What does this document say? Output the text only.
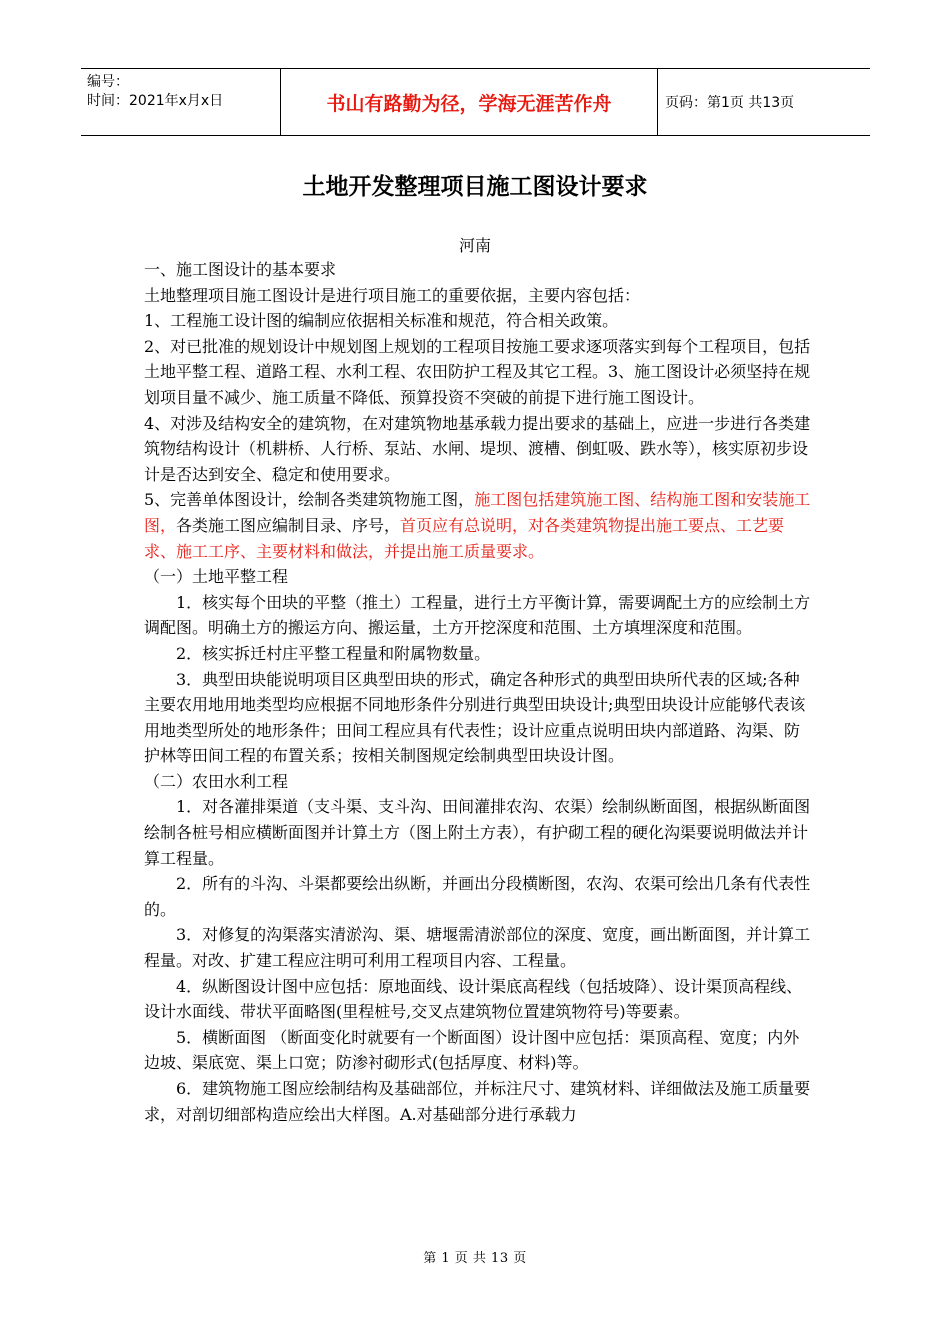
编号：
时间：2021年x月x日	书山有路勤为径，学海无涯苦作舟	页码：第1页 共13页
土地开发整理项目施工图设计要求
河南

一、施工图设计的基本要求

土地整理项目施工图设计是进行项目施工的重要依据，主要内容包括：

1、工程施工设计图的编制应依据相关标准和规范，符合相关政策。

2、对已批准的规划设计中规划图上规划的工程项目按施工要求逐项落实到每个工程项目，包括土地平整工程、道路工程、水利工程、农田防护工程及其它工程。3、施工图设计必须坚持在规划项目量不减少、施工质量不降低、预算投资不突破的前提下进行施工图设计。

4、对涉及结构安全的建筑物，在对建筑物地基承载力提出要求的基础上，应进一步进行各类建筑物结构设计（机耕桥、人行桥、泵站、水闸、堤坝、渡槽、倒虹吸、跌水等），核实原初步设计是否达到安全、稳定和使用要求。

5、完善单体图设计，绘制各类建筑物施工图，施工图包括建筑施工图、结构施工图和安装施工图，各类施工图应编制目录、序号，首页应有总说明，对各类建筑物提出施工要点、工艺要求、施工工序、主要材料和做法，并提出施工质量要求。

（一）土地平整工程

1．核实每个田块的平整（推土）工程量，进行土方平衡计算，需要调配土方的应绘制土方调配图。明确土方的搬运方向、搬运量，土方开挖深度和范围、土方填埋深度和范围。

2．核实拆迁村庄平整工程量和附属物数量。

3．典型田块能说明项目区典型田块的形式，确定各种形式的典型田块所代表的区域;各种主要农用地用地类型均应根据不同地形条件分别进行典型田块设计;典型田块设计应能够代表该用地类型所处的地形条件；田间工程应具有代表性；设计应重点说明田块内部道路、沟渠、防护林等田间工程的布置关系；按相关制图规定绘制典型田块设计图。

（二）农田水利工程

1．对各灌排渠道（支斗渠、支斗沟、田间灌排农沟、农渠）绘制纵断面图，根据纵断面图绘制各桩号相应横断面图并计算土方（图上附土方表），有护砌工程的硬化沟渠要说明做法并计算工程量。

2．所有的斗沟、斗渠都要绘出纵断，并画出分段横断图，农沟、农渠可绘出几条有代表性的。

3．对修复的沟渠落实清淤沟、渠、塘堰需清淤部位的深度、宽度，画出断面图，并计算工程量。对改、扩建工程应注明可利用工程项目内容、工程量。

4．纵断图设计图中应包括：原地面线、设计渠底高程线（包括坡降）、设计渠顶高程线、设计水面线、带状平面略图(里程桩号,交叉点建筑物位置建筑物符号)等要素。

5．横断面图 （断面变化时就要有一个断面图）设计图中应包括：渠顶高程、宽度；内外边坡、渠底宽、渠上口宽；防渗衬砌形式(包括厚度、材料)等。

6．建筑物施工图应绘制结构及基础部位，并标注尺寸、建筑材料、详细做法及施工质量要求，对剖切细部构造应绘出大样图。A.对基础部分进行承载力

第 1 页 共 13 页
